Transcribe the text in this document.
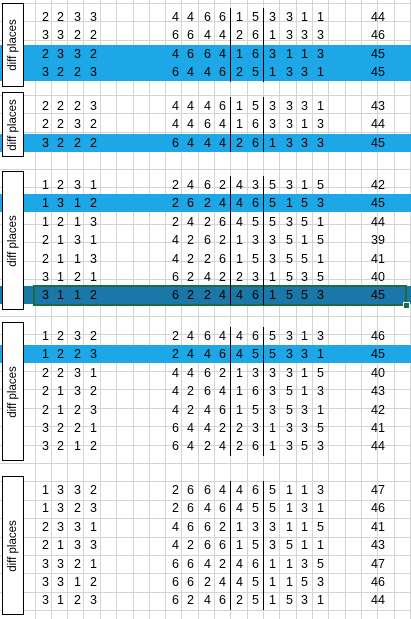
2 2 3 3	4 4 6 6 1 5 3 3 1 1	44
3 3 2 2	6 6 4 4 2 6 1 3 3 3	46
2 3 3 2	4 6 6 4 1 6 3 1 1 3	45
3 2 2 3	6 4 4 6 2 5 1 3 3 1	45
diff places
2 2 2 3	4 4 4 6 1 5 3 3 3 1	43
2 2 3 2	4 4 6 4 1 6 3 3 1 3	44
3 2 2 2	6 4 4 4 2 6 1 3 3 3	45
diff places
1 2 3 1	2 4 6 2 4 3 5 3 1 5	42
1 3 1 2	2 6 2 4 4 6 5 1 5 3	45
1 2 1 3	2 4 2 6 4 5 5 3 5 1	44
2 1 3 1	4 2 6 2 1 3 3 5 1 5	39
2 1 1 3	4 2 2 6 1 5 3 5 5 1	41
3 1 2 1	6 2 4 2 2 3 1 5 3 5	40
3 1 1 2	6 2 2 4 4 6 1 5 5 3	45
diff places
1 2 3 2	2 4 6 4 4 6 5 3 1 3	46
1 2 2 3	2 4 4 6 4 5 5 3 3 1	45
2 2 3 1	4 4 6 2 1 3 3 3 1 5	40
2 1 3 2	4 2 6 4 1 6 3 5 1 3	43
2 1 2 3	4 2 4 6 1 5 3 5 3 1	42
3 2 2 1	6 4 4 2 2 3 1 3 3 5	41
3 2 1 2	6 4 2 4 2 6 1 3 5 3	44
diff places
1 3 3 2	2 6 6 4 4 6 5 1 1 3	47
1 3 2 3	2 6 4 6 4 5 5 1 3 1	46
2 3 3 1	4 6 6 2 1 3 3 1 1 5	41
2 1 3 3	4 2 6 6 1 5 3 5 1 1	43
3 3 2 1	6 6 4 2 4 6 1 1 3 5	47
3 3 1 2	6 6 2 4 4 5 1 1 5 3	46
3 1 2 3	6 2 4 6 2 5 1 5 3 1	44
diff places
